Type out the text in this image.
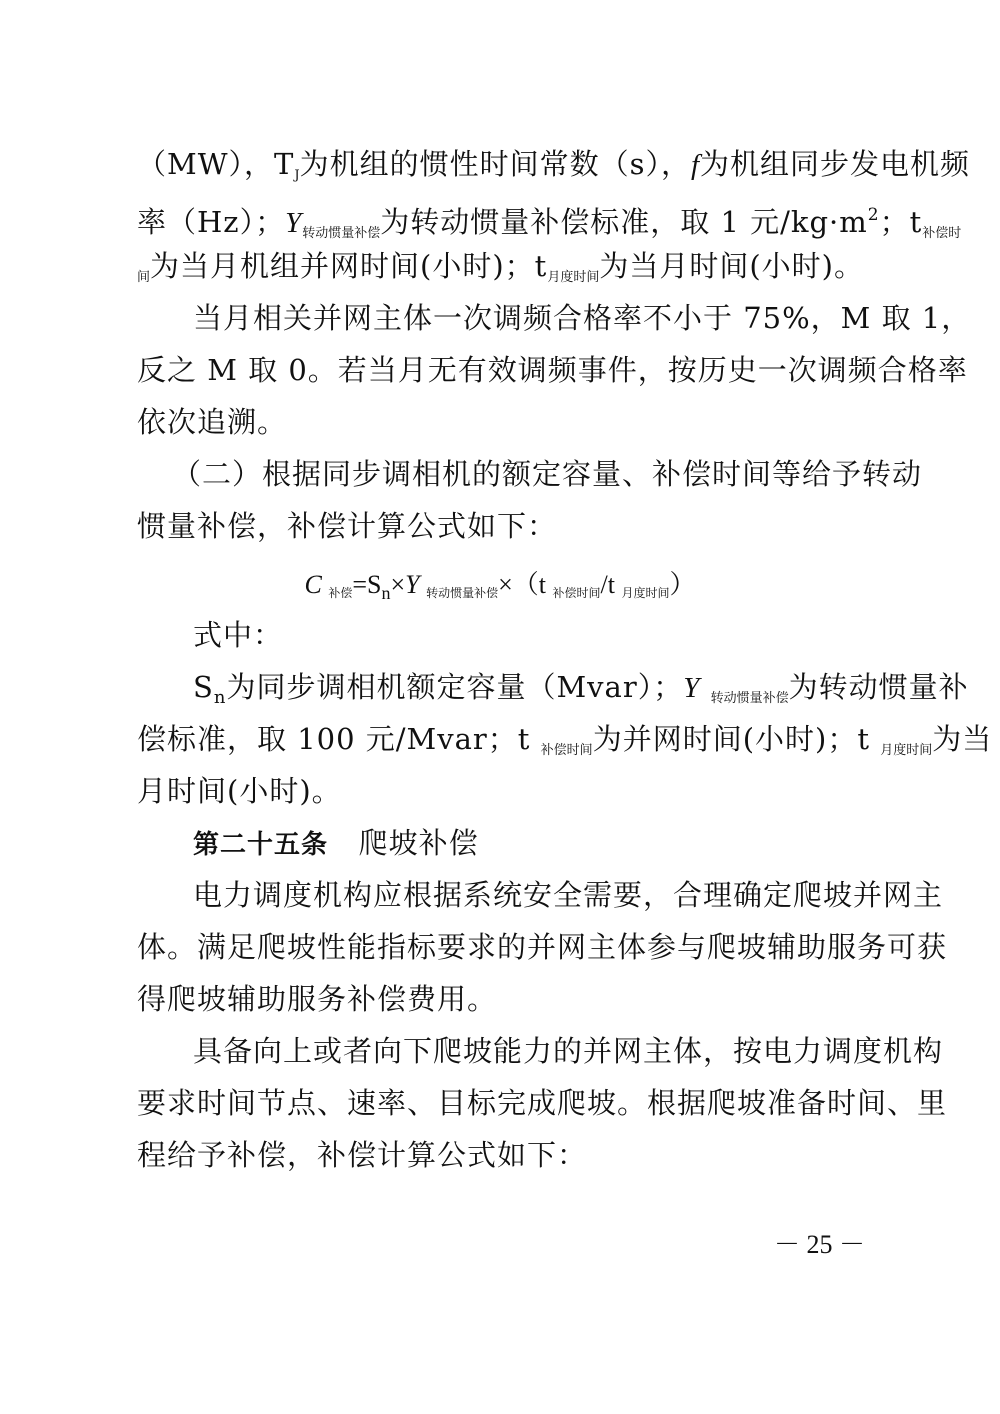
（MW），$T_J$为机组的惯性时间常数（s），f为机组同步发电机频
率（Hz）；$Y_{转动惯量补偿}$为转动惯量补偿标准，取 1 元$/kg\cdot m^2$；$t_{补偿时}$
$_间$为当月机组并网时间(小时)；$t_{月度时间}$为当月时间(小时)。
当月相关并网主体一次调频合格率不小于 75%，M 取 1，
反之 M 取 0。若当月无有效调频事件，按历史一次调频合格率
依次追溯。
（二）根据同步调相机的额定容量、补偿时间等给予转动
惯量补偿，补偿计算公式如下：
C $_{补偿}=S_n\times Y$ $_{转动惯量补偿}$×（t $_{补偿时间}$/t $_{月度时间}$）
式中：
$S_n$为同步调相机额定容量（Mvar）；Y $_{转动惯量补偿}$为转动惯量补
偿标准，取 100 元/Mvar；t $_{补偿时间}$为并网时间(小时)；t $_{月度时间}$为当
月时间(小时)。
第二十五条 爬坡补偿
电力调度机构应根据系统安全需要，合理确定爬坡并网主
体。满足爬坡性能指标要求的并网主体参与爬坡辅助服务可获
得爬坡辅助服务补偿费用。
具备向上或者向下爬坡能力的并网主体，按电力调度机构
要求时间节点、速率、目标完成爬坡。根据爬坡准备时间、里
程给予补偿，补偿计算公式如下：
－ 25 －
